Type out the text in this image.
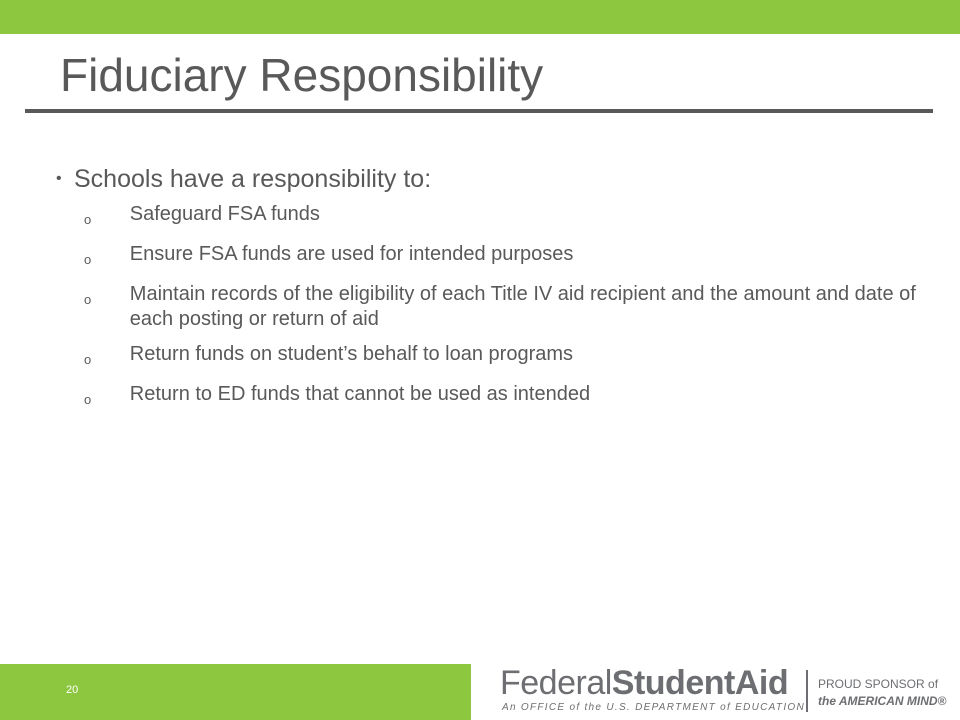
Fiduciary Responsibility
• Schools have a responsibility to:
o	Safeguard FSA funds
o	Ensure FSA funds are used for intended purposes
o	Maintain records of the eligibility of each Title IV aid recipient and the amount and date of each posting or return of aid
o	Return funds on student’s behalf to loan programs
o	Return to ED funds that cannot be used as intended
20	FederalStudentAid
An OFFICE of the U.S. DEPARTMENT of EDUCATION
PROUD SPONSOR of
the AMERICAN MIND®
